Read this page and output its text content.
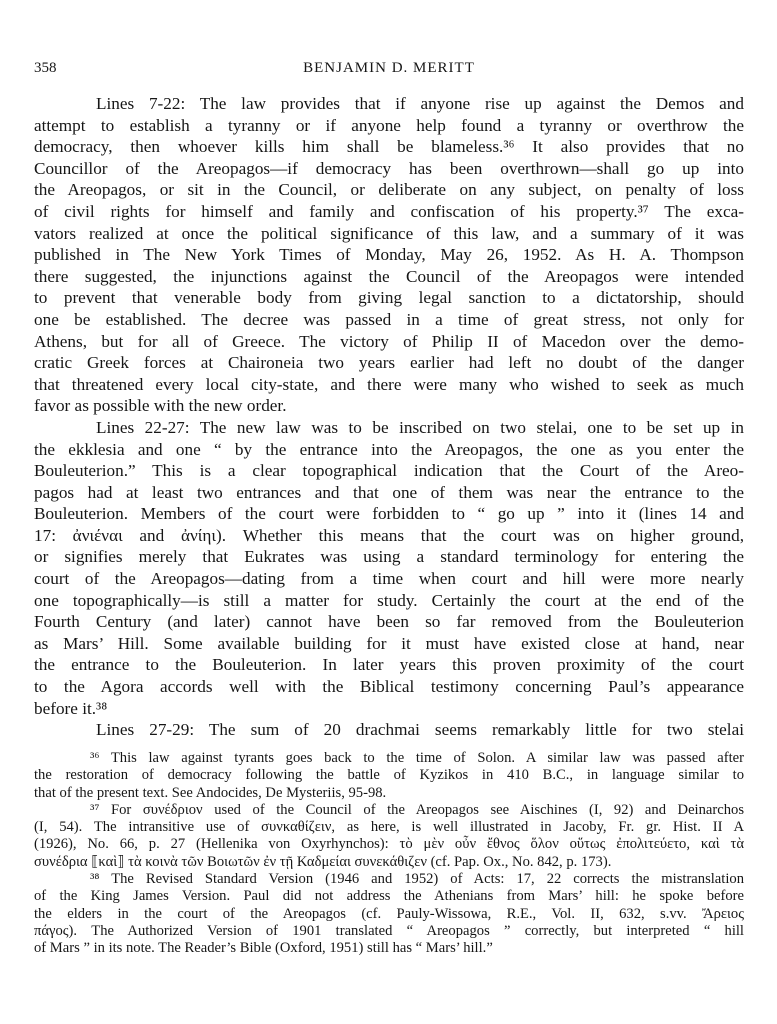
358	BENJAMIN D. MERITT
Lines 7-22: The law provides that if anyone rise up against the Demos and
attempt to establish a tyranny or if anyone help found a tyranny or overthrow the
democracy, then whoever kills him shall be blameless.³⁶ It also provides that no
Councillor of the Areopagos—if democracy has been overthrown—shall go up into
the Areopagos, or sit in the Council, or deliberate on any subject, on penalty of loss
of civil rights for himself and family and confiscation of his property.³⁷ The exca-
vators realized at once the political significance of this law, and a summary of it was
published in The New York Times of Monday, May 26, 1952. As H. A. Thompson
there suggested, the injunctions against the Council of the Areopagos were intended
to prevent that venerable body from giving legal sanction to a dictatorship, should
one be established. The decree was passed in a time of great stress, not only for
Athens, but for all of Greece. The victory of Philip II of Macedon over the demo-
cratic Greek forces at Chaironeia two years earlier had left no doubt of the danger
that threatened every local city-state, and there were many who wished to seek as much
favor as possible with the new order.
Lines 22-27: The new law was to be inscribed on two stelai, one to be set up in
the ekklesia and one “ by the entrance into the Areopagos, the one as you enter the
Bouleuterion.” This is a clear topographical indication that the Court of the Areo-
pagos had at least two entrances and that one of them was near the entrance to the
Bouleuterion. Members of the court were forbidden to “ go up ” into it (lines 14 and
17: ἀνιέναι and ἀνίηι). Whether this means that the court was on higher ground,
or signifies merely that Eukrates was using a standard terminology for entering the
court of the Areopagos—dating from a time when court and hill were more nearly
one topographically—is still a matter for study. Certainly the court at the end of the
Fourth Century (and later) cannot have been so far removed from the Bouleuterion
as Mars’ Hill. Some available building for it must have existed close at hand, near
the entrance to the Bouleuterion. In later years this proven proximity of the court
to the Agora accords well with the Biblical testimony concerning Paul’s appearance
before it.³⁸
Lines 27-29: The sum of 20 drachmai seems remarkably little for two stelai
³⁶ This law against tyrants goes back to the time of Solon. A similar law was passed after
the restoration of democracy following the battle of Kyzikos in 410 B.C., in language similar to
that of the present text. See Andocides, De Mysteriis, 95-98.
³⁷ For συνέδριον used of the Council of the Areopagos see Aischines (I, 92) and Deinarchos
(I, 54). The intransitive use of συνκαθίζειν, as here, is well illustrated in Jacoby, Fr. gr. Hist. II A
(1926), No. 66, p. 27 (Hellenika von Oxyrhynchos): τὸ μὲν οὖν ἔθνος ὅλον οὕτως ἐπολιτεύετο, καὶ τὰ
συνέδρια ⟦καὶ⟧ τὰ κοινὰ τῶν Βοιωτῶν ἐν τῇ Καδμείαι συνεκάθιζεν (cf. Pap. Ox., No. 842, p. 173).
³⁸ The Revised Standard Version (1946 and 1952) of Acts: 17, 22 corrects the mistranslation
of the King James Version. Paul did not address the Athenians from Mars’ hill: he spoke before
the elders in the court of the Areopagos (cf. Pauly-Wissowa, R.E., Vol. II, 632, s.vv. Ἄρειος
πάγος). The Authorized Version of 1901 translated “ Areopagos ” correctly, but interpreted “ hill
of Mars ” in its note. The Reader’s Bible (Oxford, 1951) still has “ Mars’ hill.”
